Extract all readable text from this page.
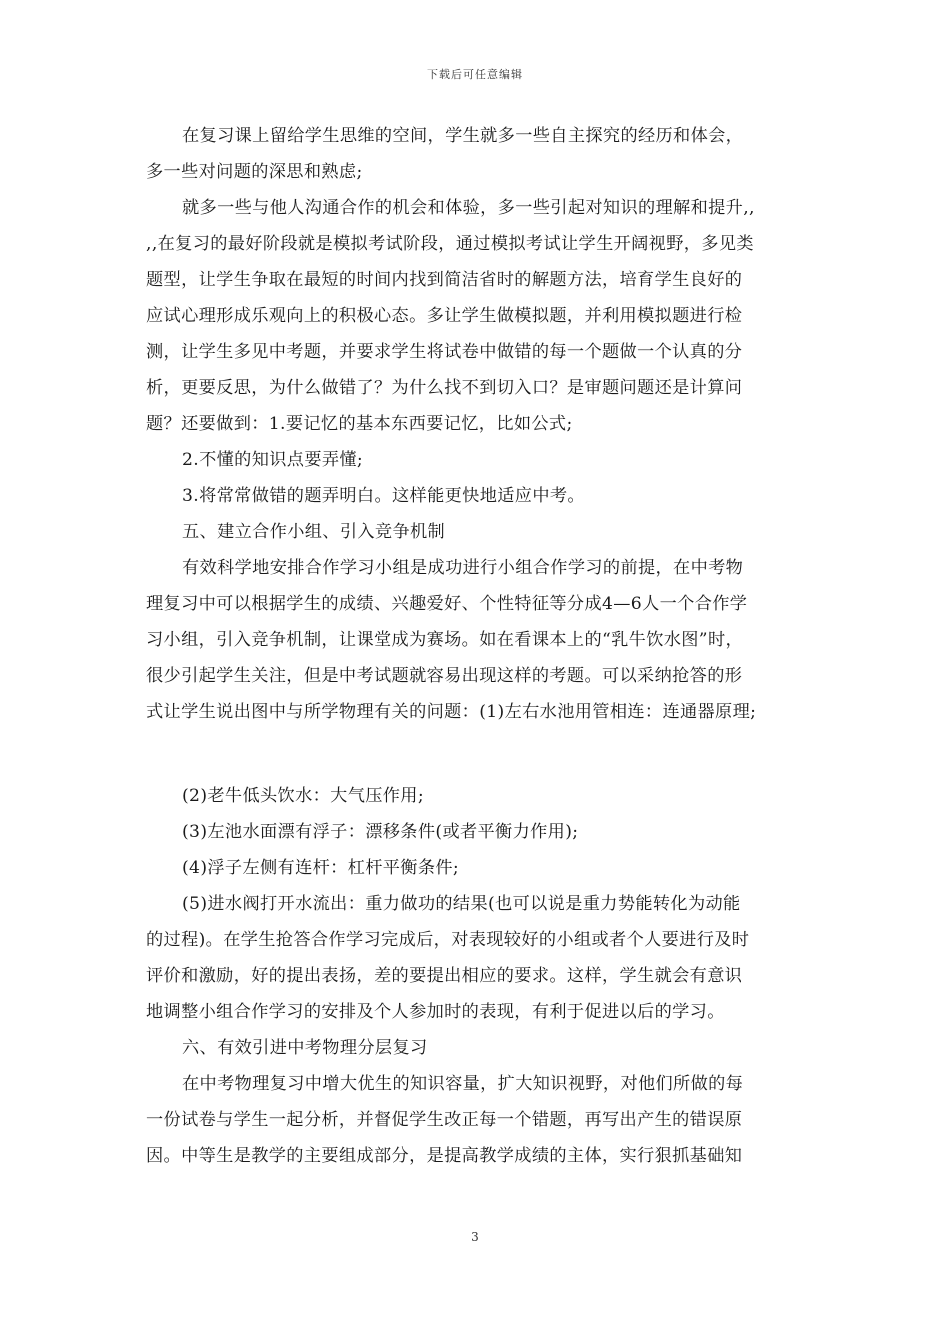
下载后可任意编辑
在复习课上留给学生思维的空间，学生就多一些自主探究的经历和体会，
多一些对问题的深思和熟虑;
就多一些与他人沟通合作的机会和体验，多一些引起对知识的理解和提升,,
,,在复习的最好阶段就是模拟考试阶段，通过模拟考试让学生开阔视野，多见类
题型，让学生争取在最短的时间内找到简洁省时的解题方法，培育学生良好的
应试心理形成乐观向上的积极心态。多让学生做模拟题，并利用模拟题进行检
测，让学生多见中考题，并要求学生将试卷中做错的每一个题做一个认真的分
析，更要反思，为什么做错了？为什么找不到切入口？是审题问题还是计算问
题？还要做到：1.要记忆的基本东西要记忆，比如公式;
2.不懂的知识点要弄懂;
3.将常常做错的题弄明白。这样能更快地适应中考。
五、建立合作小组、引入竞争机制
有效科学地安排合作学习小组是成功进行小组合作学习的前提，在中考物
理复习中可以根据学生的成绩、兴趣爱好、个性特征等分成4—6人一个合作学
习小组，引入竞争机制，让课堂成为赛场。如在看课本上的“乳牛饮水图”时，
很少引起学生关注，但是中考试题就容易出现这样的考题。可以采纳抢答的形
式让学生说出图中与所学物理有关的问题：(1)左右水池用管相连：连通器原理;
(2)老牛低头饮水：大气压作用;
(3)左池水面漂有浮子：漂移条件(或者平衡力作用);
(4)浮子左侧有连杆：杠杆平衡条件;
(5)进水阀打开水流出：重力做功的结果(也可以说是重力势能转化为动能
的过程)。在学生抢答合作学习完成后，对表现较好的小组或者个人要进行及时
评价和激励，好的提出表扬，差的要提出相应的要求。这样，学生就会有意识
地调整小组合作学习的安排及个人参加时的表现，有利于促进以后的学习。
六、有效引进中考物理分层复习
在中考物理复习中增大优生的知识容量，扩大知识视野，对他们所做的每
一份试卷与学生一起分析，并督促学生改正每一个错题，再写出产生的错误原
因。中等生是教学的主要组成部分，是提高教学成绩的主体，实行狠抓基础知
3
